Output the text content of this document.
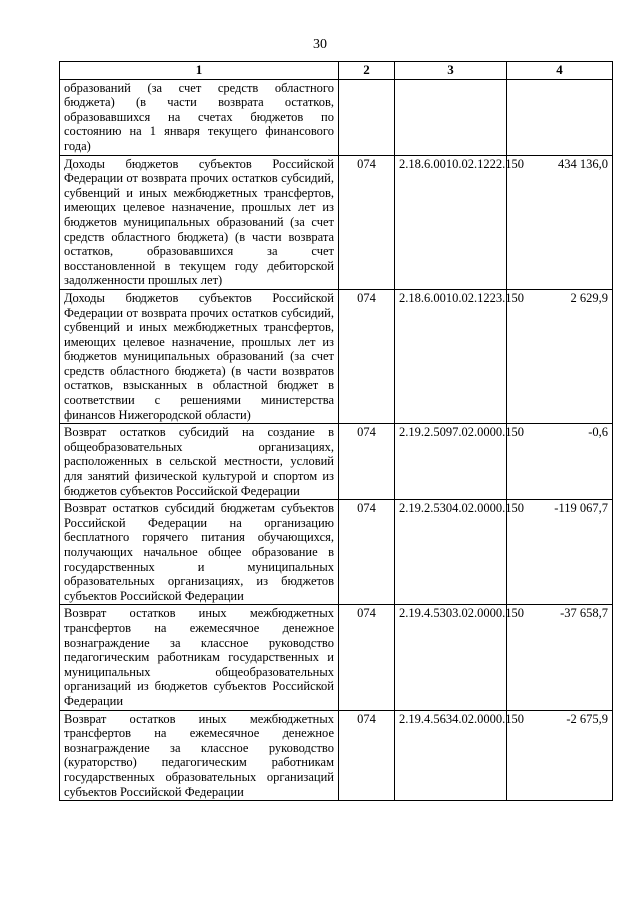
30
1	2	3	4
образований (за счет средств областного бюджета) (в части возврата остатков, образовавшихся на счетах бюджетов по состоянию на 1 января текущего финансового года)			
Доходы бюджетов субъектов Российской Федерации от возврата прочих остатков субсидий, субвенций и иных межбюджетных трансфертов, имеющих целевое назначение, прошлых лет из бюджетов муниципальных образований (за счет средств областного бюджета) (в части возврата остатков, образовавшихся за счет восстановленной в текущем году дебиторской задолженности прошлых лет)	074	2.18.6.0010.02.1222.150	434 136,0
Доходы бюджетов субъектов Российской Федерации от возврата прочих остатков субсидий, субвенций и иных межбюджетных трансфертов, имеющих целевое назначение, прошлых лет из бюджетов муниципальных образований (за счет средств областного бюджета) (в части возвратов остатков, взысканных в областной бюджет в соответствии с решениями министерства финансов Нижегородской области)	074	2.18.6.0010.02.1223.150	2 629,9
Возврат остатков субсидий на создание в общеобразовательных организациях, расположенных в сельской местности, условий для занятий физической культурой и спортом из бюджетов субъектов Российской Федерации	074	2.19.2.5097.02.0000.150	-0,6
Возврат остатков субсидий бюджетам субъектов Российской Федерации на организацию бесплатного горячего питания обучающихся, получающих начальное общее образование в государственных и муниципальных образовательных организациях, из бюджетов субъектов Российской Федерации	074	2.19.2.5304.02.0000.150	-119 067,7
Возврат остатков иных межбюджетных трансфертов на ежемесячное денежное вознаграждение за классное руководство педагогическим работникам государственных и муниципальных общеобразовательных организаций из бюджетов субъектов Российской Федерации	074	2.19.4.5303.02.0000.150	-37 658,7
Возврат остатков иных межбюджетных трансфертов на ежемесячное денежное вознаграждение за классное руководство (кураторство) педагогическим работникам государственных образовательных организаций субъектов Российской Федерации	074	2.19.4.5634.02.0000.150	-2 675,9
